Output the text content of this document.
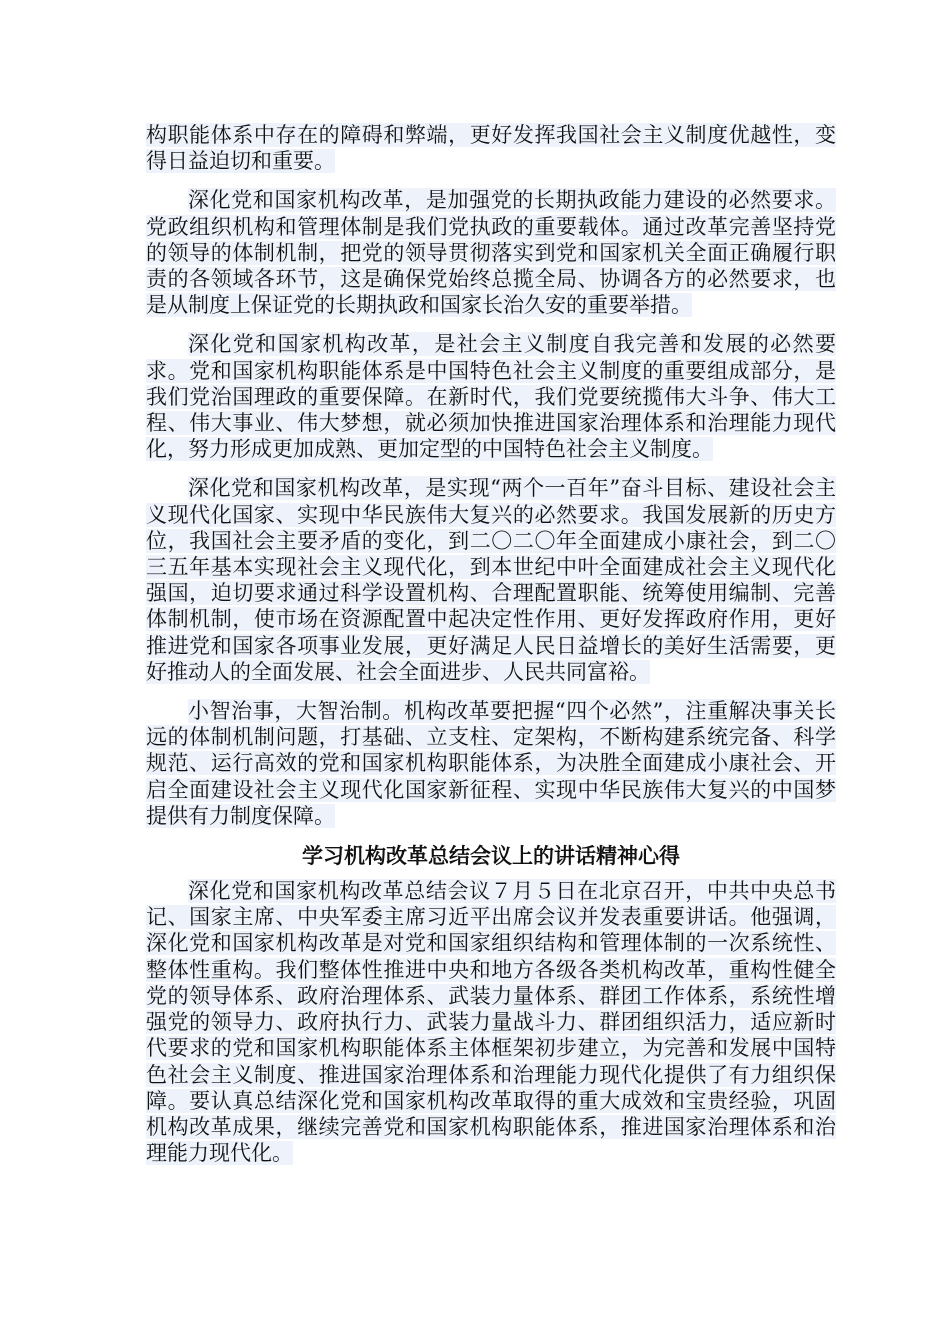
构职能体系中存在的障碍和弊端，更好发挥我国社会主义制度优越性，变得日益迫切和重要。

深化党和国家机构改革，是加强党的长期执政能力建设的必然要求。党政组织机构和管理体制是我们党执政的重要载体。通过改革完善坚持党的领导的体制机制，把党的领导贯彻落实到党和国家机关全面正确履行职责的各领域各环节，这是确保党始终总揽全局、协调各方的必然要求，也是从制度上保证党的长期执政和国家长治久安的重要举措。

深化党和国家机构改革，是社会主义制度自我完善和发展的必然要求。党和国家机构职能体系是中国特色社会主义制度的重要组成部分，是我们党治国理政的重要保障。在新时代，我们党要统揽伟大斗争、伟大工程、伟大事业、伟大梦想，就必须加快推进国家治理体系和治理能力现代化，努力形成更加成熟、更加定型的中国特色社会主义制度。

深化党和国家机构改革，是实现“两个一百年”奋斗目标、建设社会主义现代化国家、实现中华民族伟大复兴的必然要求。我国发展新的历史方位，我国社会主要矛盾的变化，到二〇二〇年全面建成小康社会，到二〇三五年基本实现社会主义现代化，到本世纪中叶全面建成社会主义现代化强国，迫切要求通过科学设置机构、合理配置职能、统筹使用编制、完善体制机制，使市场在资源配置中起决定性作用、更好发挥政府作用，更好推进党和国家各项事业发展，更好满足人民日益增长的美好生活需要，更好推动人的全面发展、社会全面进步、人民共同富裕。

小智治事，大智治制。机构改革要把握“四个必然”，注重解决事关长远的体制机制问题，打基础、立支柱、定架构，不断构建系统完备、科学规范、运行高效的党和国家机构职能体系，为决胜全面建成小康社会、开启全面建设社会主义现代化国家新征程、实现中华民族伟大复兴的中国梦提供有力制度保障。

学习机构改革总结会议上的讲话精神心得

深化党和国家机构改革总结会议７月５日在北京召开，中共中央总书记、国家主席、中央军委主席习近平出席会议并发表重要讲话。他强调，深化党和国家机构改革是对党和国家组织结构和管理体制的一次系统性、整体性重构。我们整体性推进中央和地方各级各类机构改革，重构性健全党的领导体系、政府治理体系、武装力量体系、群团工作体系，系统性增强党的领导力、政府执行力、武装力量战斗力、群团组织活力，适应新时代要求的党和国家机构职能体系主体框架初步建立，为完善和发展中国特色社会主义制度、推进国家治理体系和治理能力现代化提供了有力组织保障。要认真总结深化党和国家机构改革取得的重大成效和宝贵经验，巩固机构改革成果，继续完善党和国家机构职能体系，推进国家治理体系和治理能力现代化。
